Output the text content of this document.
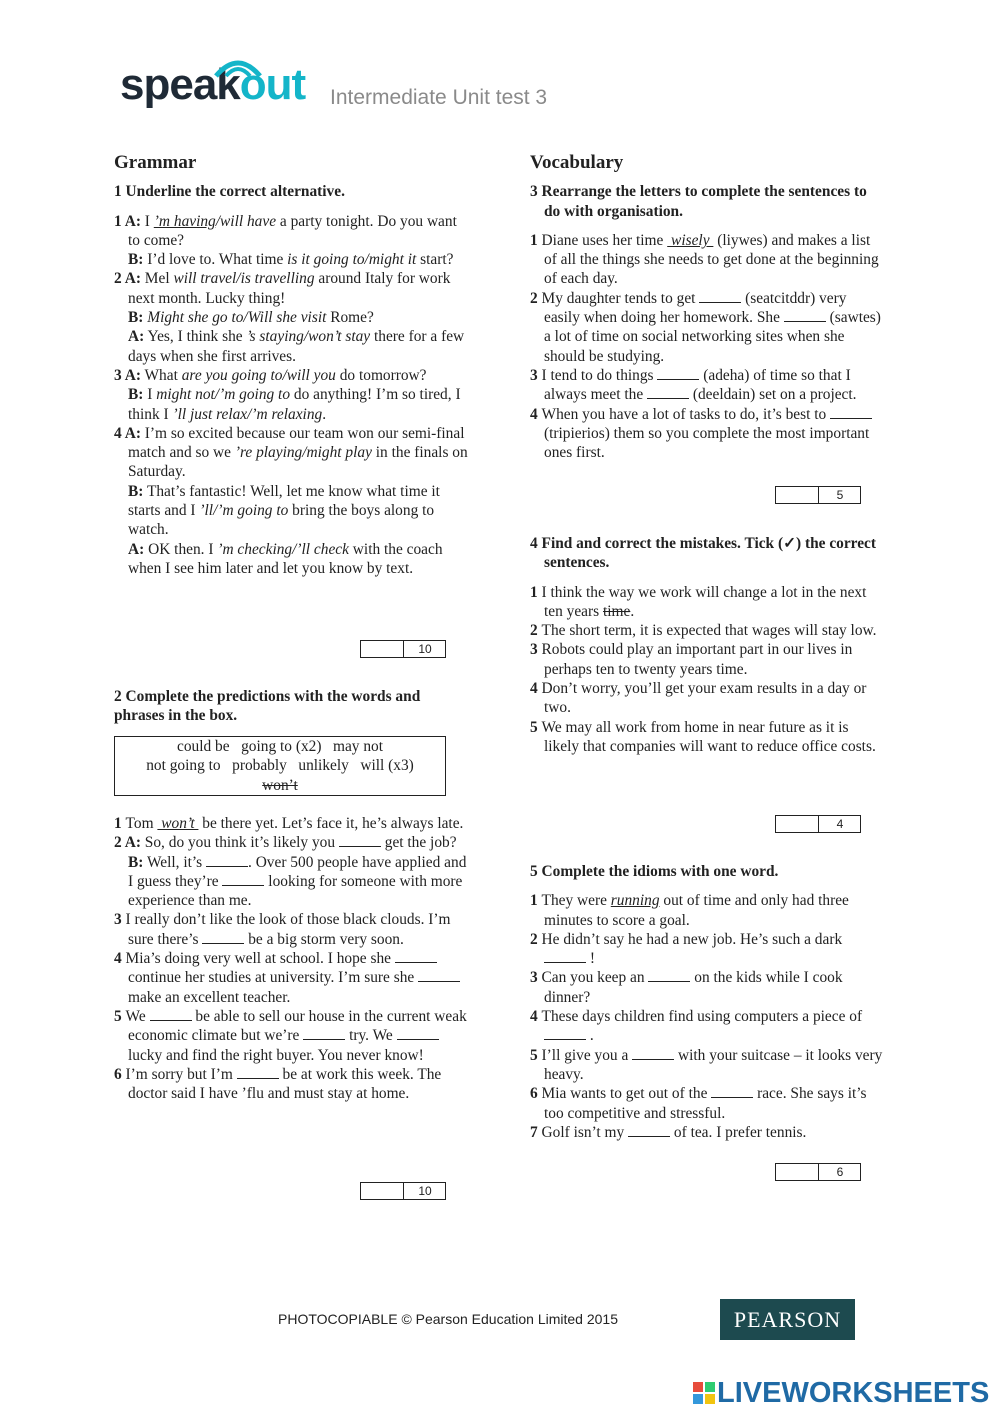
speakout Intermediate Unit test 3
Grammar
1 Underline the correct alternative.
1 A: I ’m having/will have a party tonight. Do you want to come?
B: I’d love to. What time is it going to/might it start?
2 A: Mel will travel/is travelling around Italy for work next month. Lucky thing!
B: Might she go to/Will she visit Rome?
A: Yes, I think she ’s staying/won’t stay there for a few days when she first arrives.
3 A: What are you going to/will you do tomorrow?
B: I might not/’m going to do anything! I’m so tired, I think I ’ll just relax/’m relaxing.
4 A: I’m so excited because our team won our semi-final match and so we ’re playing/might play in the finals on Saturday.
B: That’s fantastic! Well, let me know what time it starts and I ’ll/’m going to bring the boys along to watch.
A: OK then. I ’m checking/’ll check with the coach when I see him later and let you know by text.
10
2 Complete the predictions with the words and phrases in the box.
could be   going to (x2)   may not
not going to   probably   unlikely   will (x3)
won’t
1 Tom  won’t  be there yet. Let’s face it, he’s always late.
2 A: So, do you think it’s likely you	get the job?
B: Well, it’s	. Over 500 people have applied and I guess they’re	looking for someone with more experience than me.
3 I really don’t like the look of those black clouds. I’m sure there’s	be a big storm very soon.
4 Mia’s doing very well at school. I hope she  continue her studies at university. I’m sure she  make an excellent teacher.
5 We	be able to sell our house in the current weak economic climate but we’re	try. We  lucky and find the right buyer. You never know!
6 I’m sorry but I’m	be at work this week. The doctor said I have ’flu and must stay at home.
10
Vocabulary
3 Rearrange the letters to complete the sentences to do with organisation.
1 Diane uses her time  wisely  (liywes) and makes a list of all the things she needs to get done at the beginning of each day.
2 My daughter tends to get	(seatcitddr) very easily when doing her homework. She	(sawtes) a lot of time on social networking sites when she should be studying.
3 I tend to do things	(adeha) of time so that I always meet the	(deeldain) set on a project.
4 When you have a lot of tasks to do, it’s best to  (tripierios) them so you complete the most important ones first.
5
4 Find and correct the mistakes. Tick (✓) the correct sentences.
1 I think the way we work will change a lot in the next ten years time.
2 The short term, it is expected that wages will stay low.
3 Robots could play an important part in our lives in perhaps ten to twenty years time.
4 Don’t worry, you’ll get your exam results in a day or two.
5 We may all work from home in near future as it is likely that companies will want to reduce office costs.
4
5 Complete the idioms with one word.
1 They were running out of time and only had three minutes to score a goal.
2 He didn’t say he had a new job. He’s such a dark  !
3 Can you keep an	on the kids while I cook dinner?
4 These days children find using computers a piece of  .
5 I’ll give you a	with your suitcase – it looks very heavy.
6 Mia wants to get out of the	race. She says it’s too competitive and stressful.
7 Golf isn’t my	of tea. I prefer tennis.
6
PHOTOCOPIABLE © Pearson Education Limited 2015	PEARSON
LIVEWORKSHEETS
